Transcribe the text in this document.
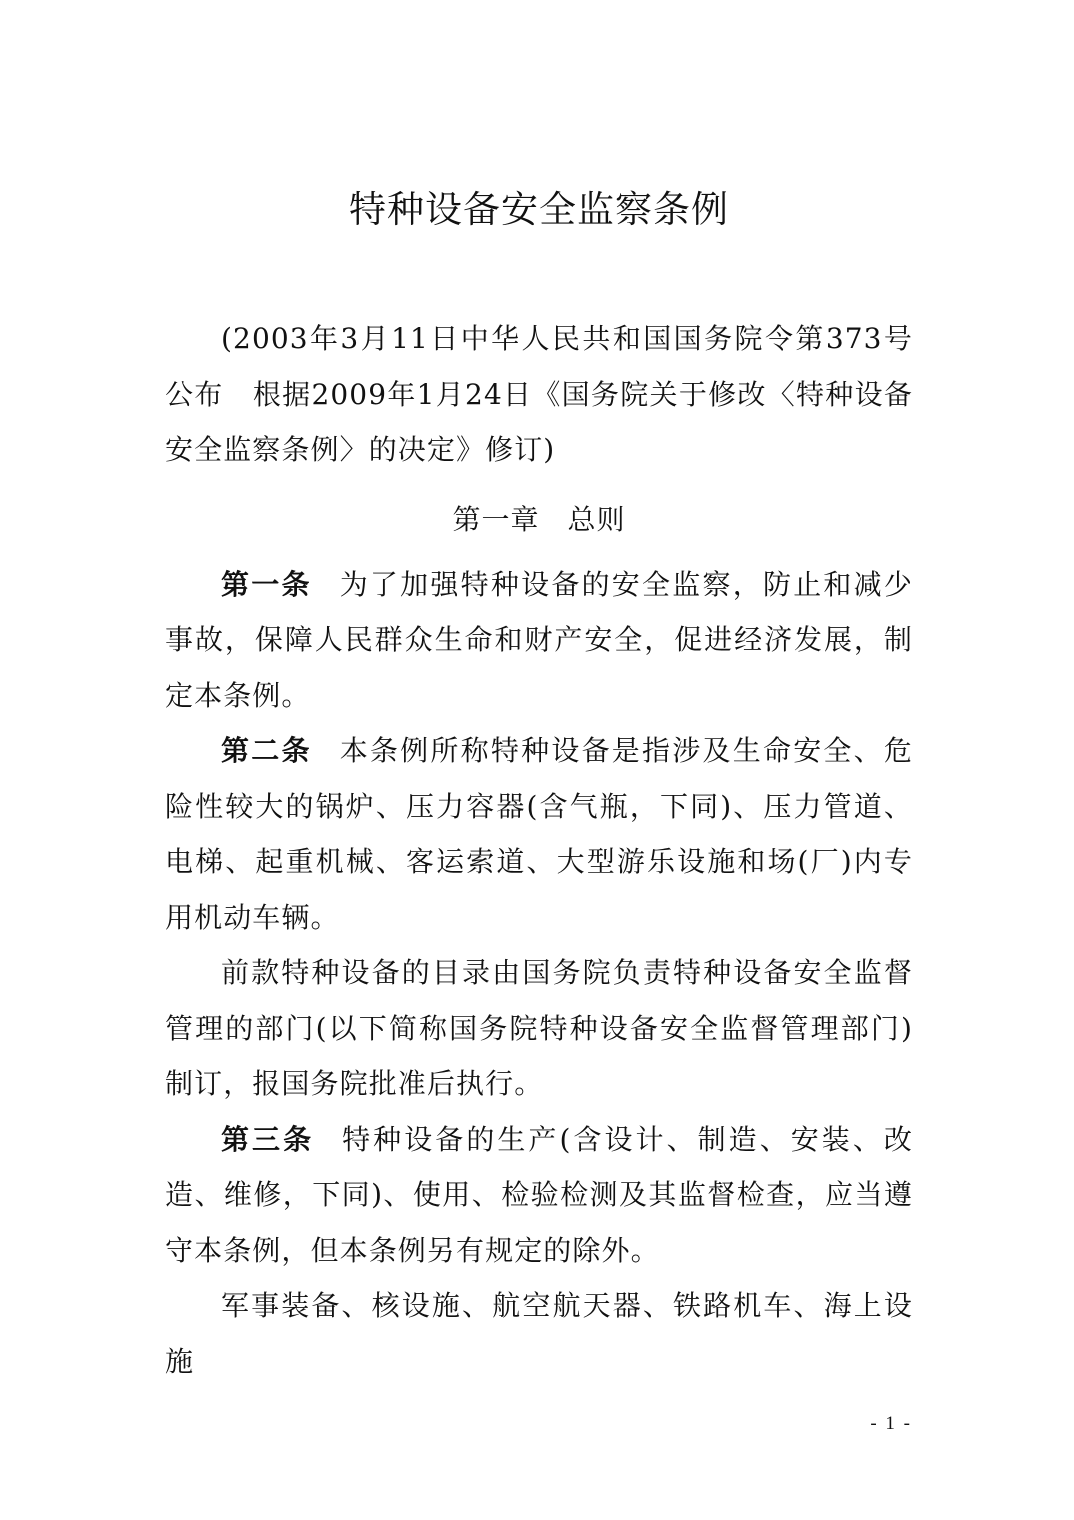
特种设备安全监察条例

(2003年3月11日中华人民共和国国务院令第373号公布　根据2009年1月24日《国务院关于修改〈特种设备安全监察条例〉的决定》修订)

第一章 总则

第一条 为了加强特种设备的安全监察，防止和减少事故，保障人民群众生命和财产安全，促进经济发展，制定本条例。

第二条 本条例所称特种设备是指涉及生命安全、危险性较大的锅炉、压力容器(含气瓶，下同)、压力管道、电梯、起重机械、客运索道、大型游乐设施和场(厂)内专用机动车辆。

前款特种设备的目录由国务院负责特种设备安全监督管理的部门(以下简称国务院特种设备安全监督管理部门)制订，报国务院批准后执行。

第三条 特种设备的生产(含设计、制造、安装、改造、维修，下同)、使用、检验检测及其监督检查，应当遵守本条例，但本条例另有规定的除外。

军事装备、核设施、航空航天器、铁路机车、海上设施

- 1 -
